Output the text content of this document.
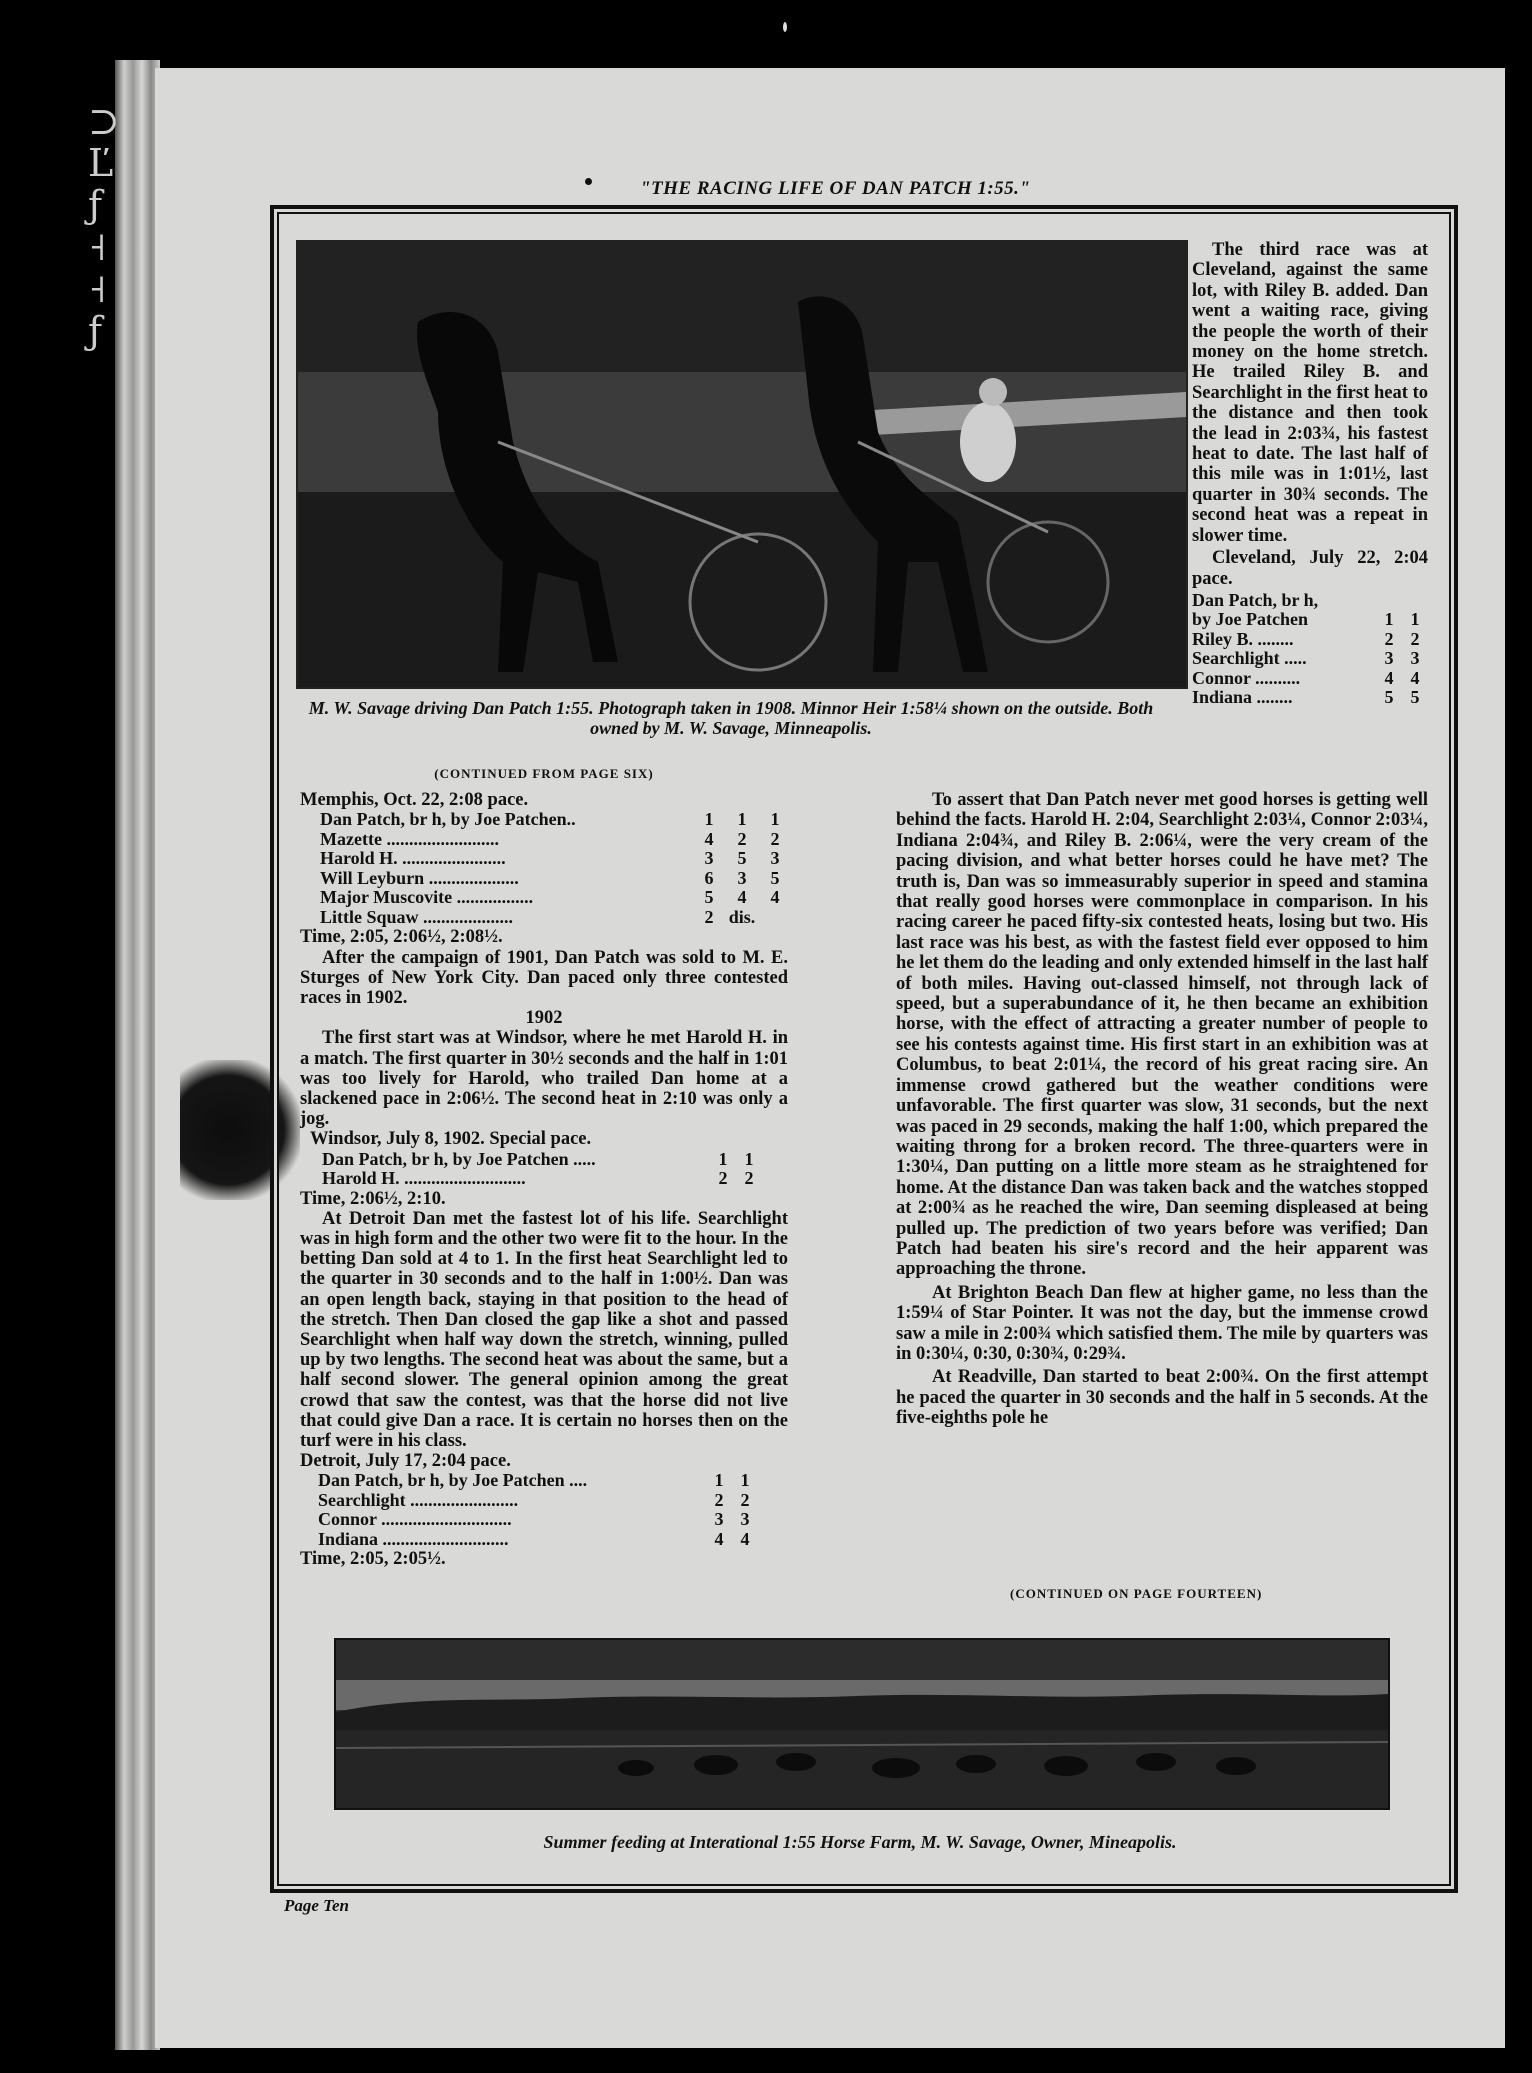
⊃ Ľ ƒ ˧ ˧ ƒ
"THE RACING LIFE OF DAN PATCH 1:55."
M. W. Savage driving Dan Patch 1:55. Photograph taken in 1908. Minnor Heir 1:58¼ shown on the outside. Both owned by M. W. Savage, Minneapolis.

The third race was at Cleveland, against the same lot, with Riley B. added. Dan went a waiting race, giving the people the worth of their money on the home stretch. He trailed Riley B. and Searchlight in the first heat to the distance and then took the lead in 2:03¾, his fastest heat to date. The last half of this mile was in 1:01½, last quarter in 30¾ seconds. The second heat was a repeat in slower time.

Cleveland, July 22, 2:04 pace.

Dan Patch, br h,		
by Joe Patchen	1	1
Riley B. ........	2	2
Searchlight .....	3	3
Connor ..........	4	4
Indiana ........	5	5
(CONTINUED FROM PAGE SIX)

Memphis, Oct. 22, 2:08 pace.

Dan Patch, br h, by Joe Patchen..	1	1	1
Mazette .........................	4	2	2
Harold H. .......................	3	5	3
Will Leyburn ....................	6	3	5
Major Muscovite .................	5	4	4
Little Squaw ....................	2	dis.	

Time, 2:05, 2:06½, 2:08½.

After the campaign of 1901, Dan Patch was sold to M. E. Sturges of New York City. Dan paced only three contested races in 1902.

1902

The first start was at Windsor, where he met Harold H. in a match. The first quarter in 30½ seconds and the half in 1:01 was too lively for Harold, who trailed Dan home at a slackened pace in 2:06½. The second heat in 2:10 was only a jog.

Windsor, July 8, 1902. Special pace.

Dan Patch, br h, by Joe Patchen .....	1	1
Harold H. ...........................	2	2

Time, 2:06½, 2:10.

At Detroit Dan met the fastest lot of his life. Searchlight was in high form and the other two were fit to the hour. In the betting Dan sold at 4 to 1. In the first heat Searchlight led to the quarter in 30 seconds and to the half in 1:00½. Dan was an open length back, staying in that position to the head of the stretch. Then Dan closed the gap like a shot and passed Searchlight when half way down the stretch, winning, pulled up by two lengths. The second heat was about the same, but a half second slower. The general opinion among the great crowd that saw the contest, was that the horse did not live that could give Dan a race. It is certain no horses then on the turf were in his class.

Detroit, July 17, 2:04 pace.

Dan Patch, br h, by Joe Patchen ....	1	1
Searchlight ........................	2	2
Connor .............................	3	3
Indiana ............................	4	4

Time, 2:05, 2:05½.

To assert that Dan Patch never met good horses is getting well behind the facts. Harold H. 2:04, Searchlight 2:03¼, Connor 2:03¼, Indiana 2:04¾, and Riley B. 2:06¼, were the very cream of the pacing division, and what better horses could he have met? The truth is, Dan was so immeasurably superior in speed and stamina that really good horses were commonplace in comparison. In his racing career he paced fifty-six contested heats, losing but two. His last race was his best, as with the fastest field ever opposed to him he let them do the leading and only extended himself in the last half of both miles. Having out-classed himself, not through lack of speed, but a superabundance of it, he then became an exhibition horse, with the effect of attracting a greater number of people to see his contests against time. His first start in an exhibition was at Columbus, to beat 2:01¼, the record of his great racing sire. An immense crowd gathered but the weather conditions were unfavorable. The first quarter was slow, 31 seconds, but the next was paced in 29 seconds, making the half 1:00, which prepared the waiting throng for a broken record. The three-quarters were in 1:30¼, Dan putting on a little more steam as he straightened for home. At the distance Dan was taken back and the watches stopped at 2:00¾ as he reached the wire, Dan seeming displeased at being pulled up. The prediction of two years before was verified; Dan Patch had beaten his sire's record and the heir apparent was approaching the throne.

At Brighton Beach Dan flew at higher game, no less than the 1:59¼ of Star Pointer. It was not the day, but the immense crowd saw a mile in 2:00¾ which satisfied them. The mile by quarters was in 0:30¼, 0:30, 0:30¾, 0:29¾.

At Readville, Dan started to beat 2:00¾. On the first attempt he paced the quarter in 30 seconds and the half in 5 seconds. At the five-eighths pole he

(CONTINUED ON PAGE FOURTEEN)
Summer feeding at Interational 1:55 Horse Farm, M. W. Savage, Owner, Mineapolis.
Page Ten
